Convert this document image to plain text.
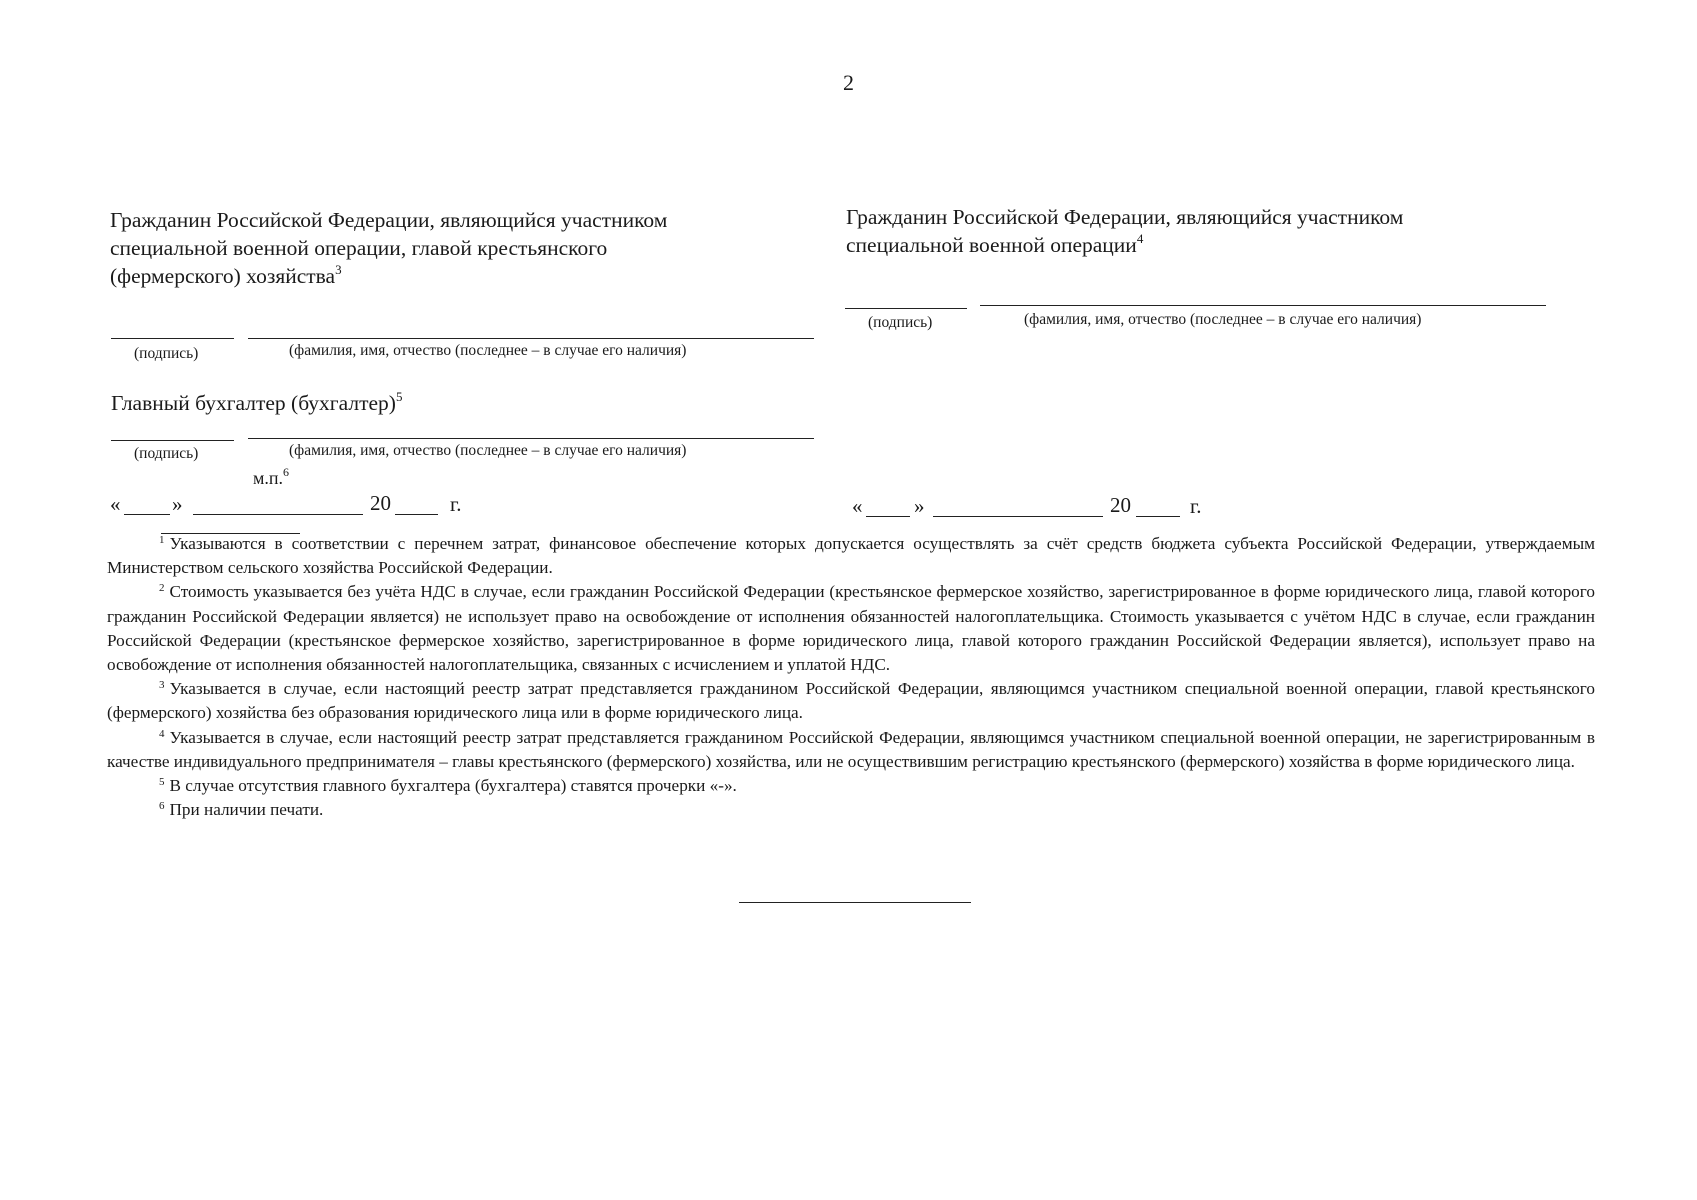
2
Гражданин Российской Федерации, являющийся участником
специальной военной операции, главой крестьянского
(фермерского) хозяйства$^3$
(подпись)	(фамилия, имя, отчество (последнее – в случае его наличия)
Главный бухгалтер (бухгалтер)$^5$
(подпись)	(фамилия, имя, отчество (последнее – в случае его наличия)
м.п.$^6$
« »	20	г.
Гражданин Российской Федерации, являющийся участником
специальной военной операции$^4$
(подпись)	(фамилия, имя, отчество (последнее – в случае его наличия)
« »	20	г.

$^1$ Указываются в соответствии с перечнем затрат, финансовое обеспечение которых допускается осуществлять за счёт средств бюджета субъекта Российской Федерации, утверждаемым Министерством сельского хозяйства Российской Федерации.

$^2$ Стоимость указывается без учёта НДС в случае, если гражданин Российской Федерации (крестьянское фермерское хозяйство, зарегистрированное в форме юридического лица, главой которого гражданин Российской Федерации является) не использует право на освобождение от исполнения обязанностей налогоплательщика. Стоимость указывается с учётом НДС в случае, если гражданин Российской Федерации (крестьянское фермерское хозяйство, зарегистрированное в форме юридического лица, главой которого гражданин Российской Федерации является), использует право на освобождение от исполнения обязанностей налогоплательщика, связанных с исчислением и уплатой НДС.

$^3$ Указывается в случае, если настоящий реестр затрат представляется гражданином Российской Федерации, являющимся участником специальной военной операции, главой крестьянского (фермерского) хозяйства без образования юридического лица или в форме юридического лица.

$^4$ Указывается в случае, если настоящий реестр затрат представляется гражданином Российской Федерации, являющимся участником специальной военной операции, не зарегистрированным в качестве индивидуального предпринимателя – главы крестьянского (фермерского) хозяйства, или не осуществившим регистрацию крестьянского (фермерского) хозяйства в форме юридического лица.

$^5$ В случае отсутствия главного бухгалтера (бухгалтера) ставятся прочерки «-».

$^6$ При наличии печати.
